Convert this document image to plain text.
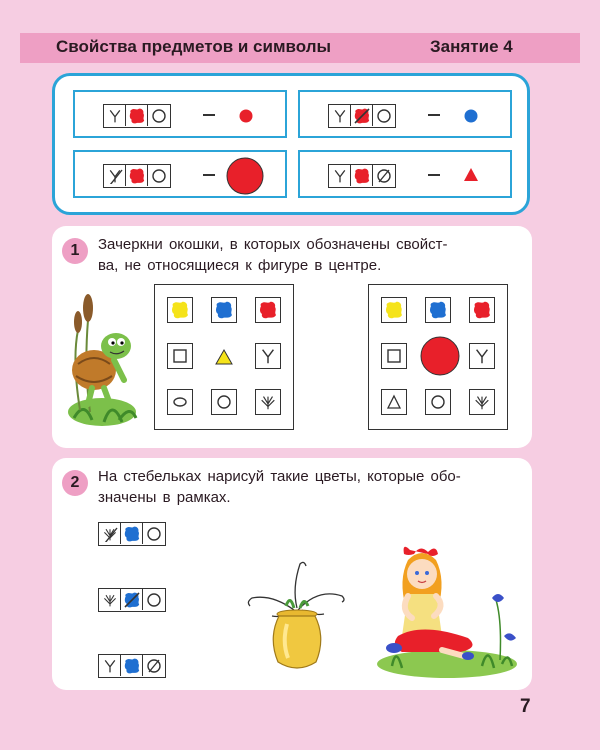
Свойства предметов и символы	Занятие 4
1	Зачеркни окошки, в которых обозначены свойст-
ва, не относящиеся к фигуре в центре.
2	На стебельках нарисуй такие цветы, которые обо-
значены в рамках.
7
